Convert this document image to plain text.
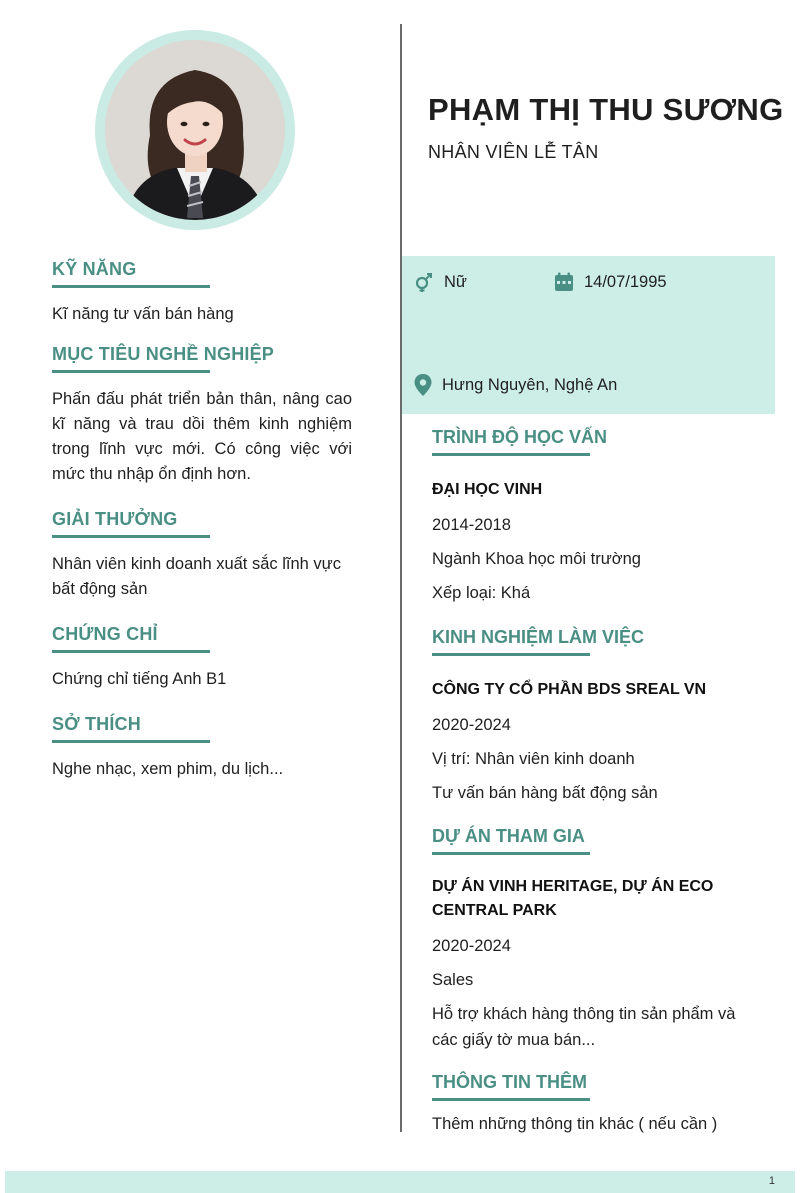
PHẠM THỊ THU SƯƠNG
NHÂN VIÊN LỄ TÂN
Nữ	14/07/1995
Hưng Nguyên, Nghệ An
KỸ NĂNG
Kĩ năng tư vấn bán hàng
MỤC TIÊU NGHỀ NGHIỆP
Phấn đấu phát triển bản thân, nâng cao kĩ năng và trau dồi thêm kinh nghiệm trong lĩnh vực mới. Có công việc với mức thu nhập ổn định hơn.
GIẢI THƯỞNG
Nhân viên kinh doanh xuất sắc lĩnh vực bất động sản
CHỨNG CHỈ
Chứng chỉ tiếng Anh B1
SỞ THÍCH
Nghe nhạc, xem phim, du lịch...
TRÌNH ĐỘ HỌC VẤN
ĐẠI HỌC VINH
2014-2018
Ngành Khoa học môi trường
Xếp loại: Khá
KINH NGHIỆM LÀM VIỆC
CÔNG TY CỔ PHẦN BDS SREAL VN
2020-2024
Vị trí: Nhân viên kinh doanh
Tư vấn bán hàng bất động sản
DỰ ÁN THAM GIA
DỰ ÁN VINH HERITAGE, DỰ ÁN ECO CENTRAL PARK
2020-2024
Sales
Hỗ trợ khách hàng thông tin sản phẩm và các giấy tờ mua bán...
THÔNG TIN THÊM
Thêm những thông tin khác ( nếu cần )
1
